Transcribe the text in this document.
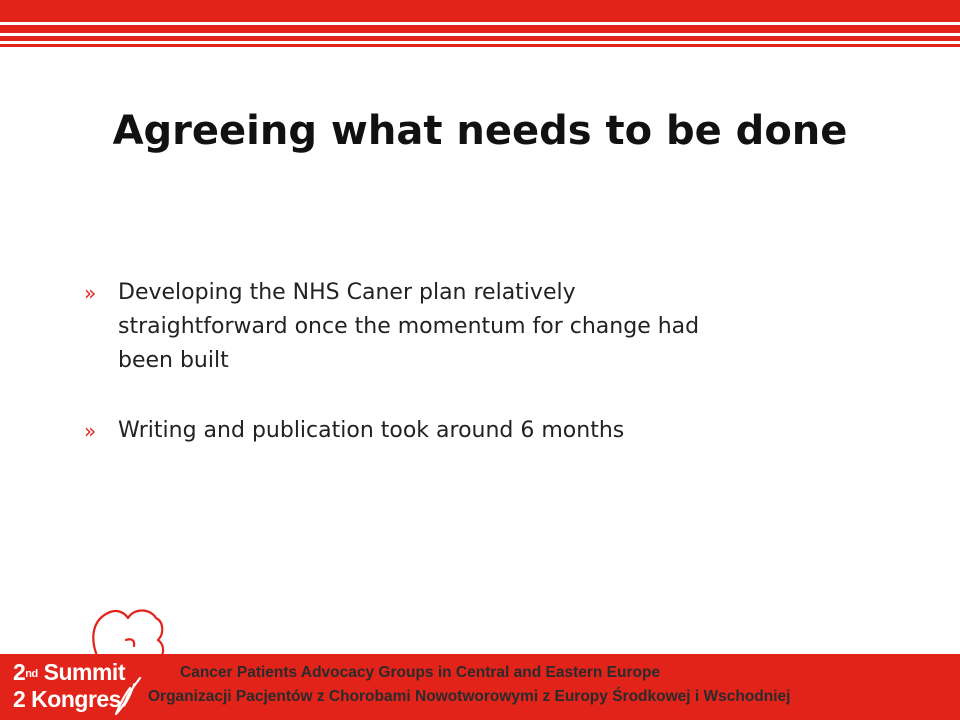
Agreeing what needs to be done
» Developing the NHS Caner plan relatively straightforward once the momentum for change had been built
» Writing and publication took around 6 months
2nd Summit
2 Kongres
Cancer Patients Advocacy Groups in Central and Eastern Europe
Organizacji Pacjentów z Chorobami Nowotworowymi z Europy Środkowej i Wschodniej
